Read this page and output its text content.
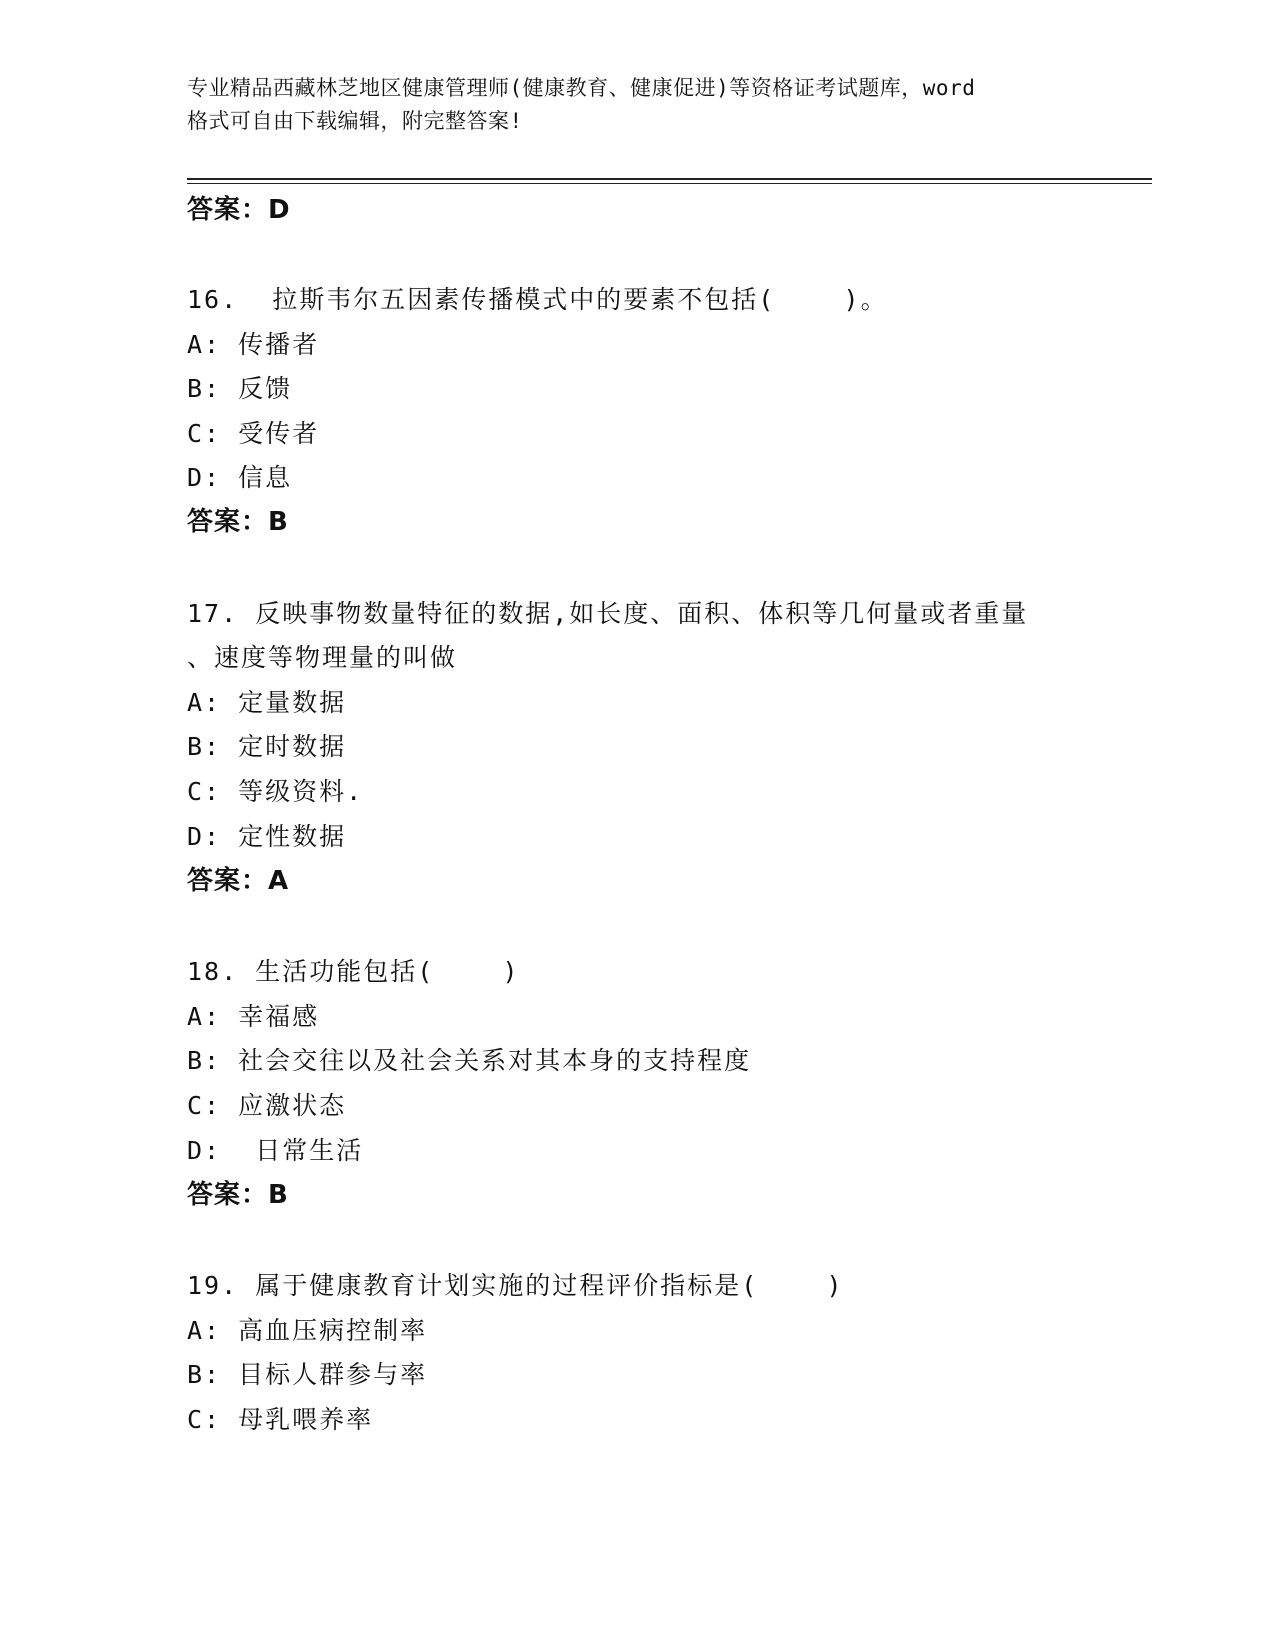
专业精品西藏林芝地区健康管理师(健康教育、健康促进)等资格证考试题库，word
格式可自由下载编辑，附完整答案!
答案：D
16.  拉斯韦尔五因素传播模式中的要素不包括(    )。
A: 传播者
B: 反馈
C: 受传者
D: 信息
答案：B
17. 反映事物数量特征的数据,如长度、面积、体积等几何量或者重量
、速度等物理量的叫做
A: 定量数据
B: 定时数据
C: 等级资料.
D: 定性数据
答案：A
18. 生活功能包括(    )
A: 幸福感
B: 社会交往以及社会关系对其本身的支持程度
C: 应激状态
D:  日常生活
答案：B
19. 属于健康教育计划实施的过程评价指标是(    )
A: 高血压病控制率
B: 目标人群参与率
C: 母乳喂养率
